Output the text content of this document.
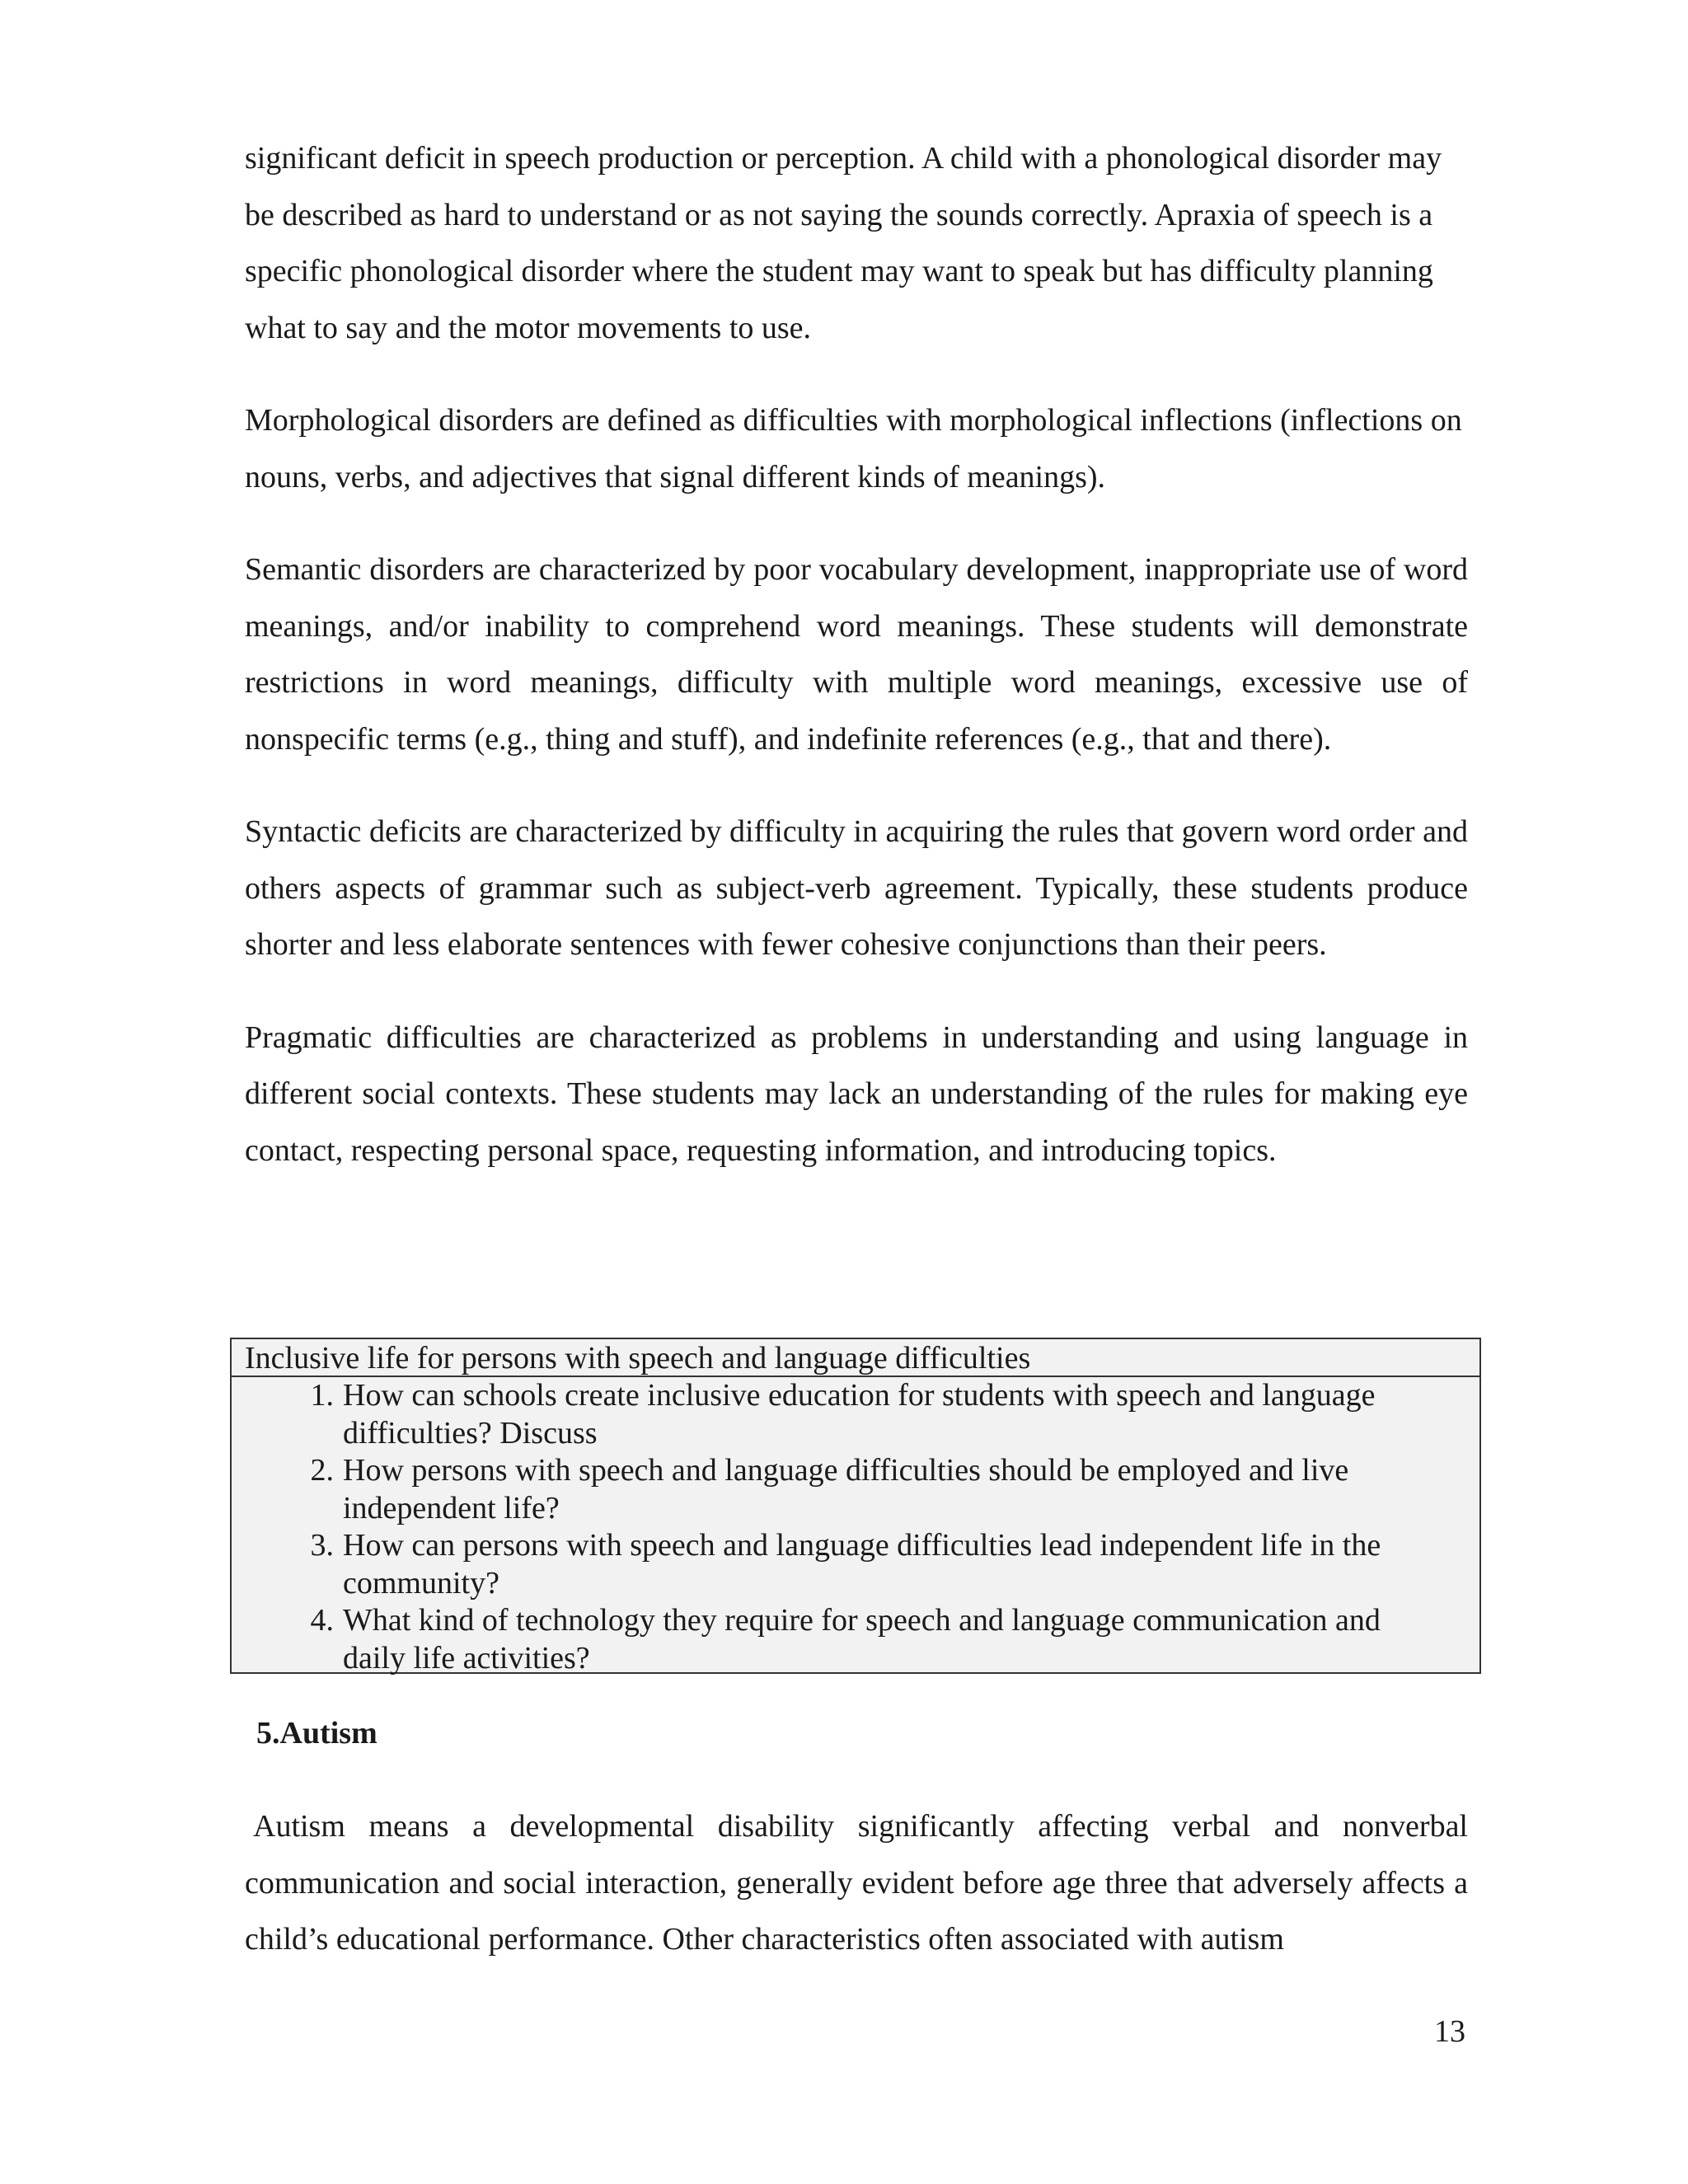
significant deficit in speech production or perception. A child with a phonological disorder may be described as hard to understand or as not saying the sounds correctly. Apraxia of speech is a specific phonological disorder where the student may want to speak but has difficulty planning what to say and the motor movements to use.

Morphological disorders are defined as difficulties with morphological inflections (inflections on nouns, verbs, and adjectives that signal different kinds of meanings).

Semantic disorders are characterized by poor vocabulary development, inappropriate use of word meanings, and/or inability to comprehend word meanings. These students will demonstrate restrictions in word meanings, difficulty with multiple word meanings, excessive use of nonspecific terms (e.g., thing and stuff), and indefinite references (e.g., that and there).

Syntactic deficits are characterized by difficulty in acquiring the rules that govern word order and others aspects of grammar such as subject-verb agreement. Typically, these students produce shorter and less elaborate sentences with fewer cohesive conjunctions than their peers.

Pragmatic difficulties are characterized as problems in understanding and using language in different social contexts. These students may lack an understanding of the rules for making eye contact, respecting personal space, requesting information, and introducing topics.

Inclusive life for persons with speech and language difficulties
1. How can schools create inclusive education for students with speech and language difficulties? Discuss
2. How persons with speech and language difficulties should be employed and live independent life?
3. How can persons with speech and language difficulties lead independent life in the community?
4. What kind of technology they require for speech and language communication and daily life activities?
5.Autism

Autism means a developmental disability significantly affecting verbal and nonverbal communication and social interaction, generally evident before age three that adversely affects a child’s educational performance. Other characteristics often associated with autism

13
